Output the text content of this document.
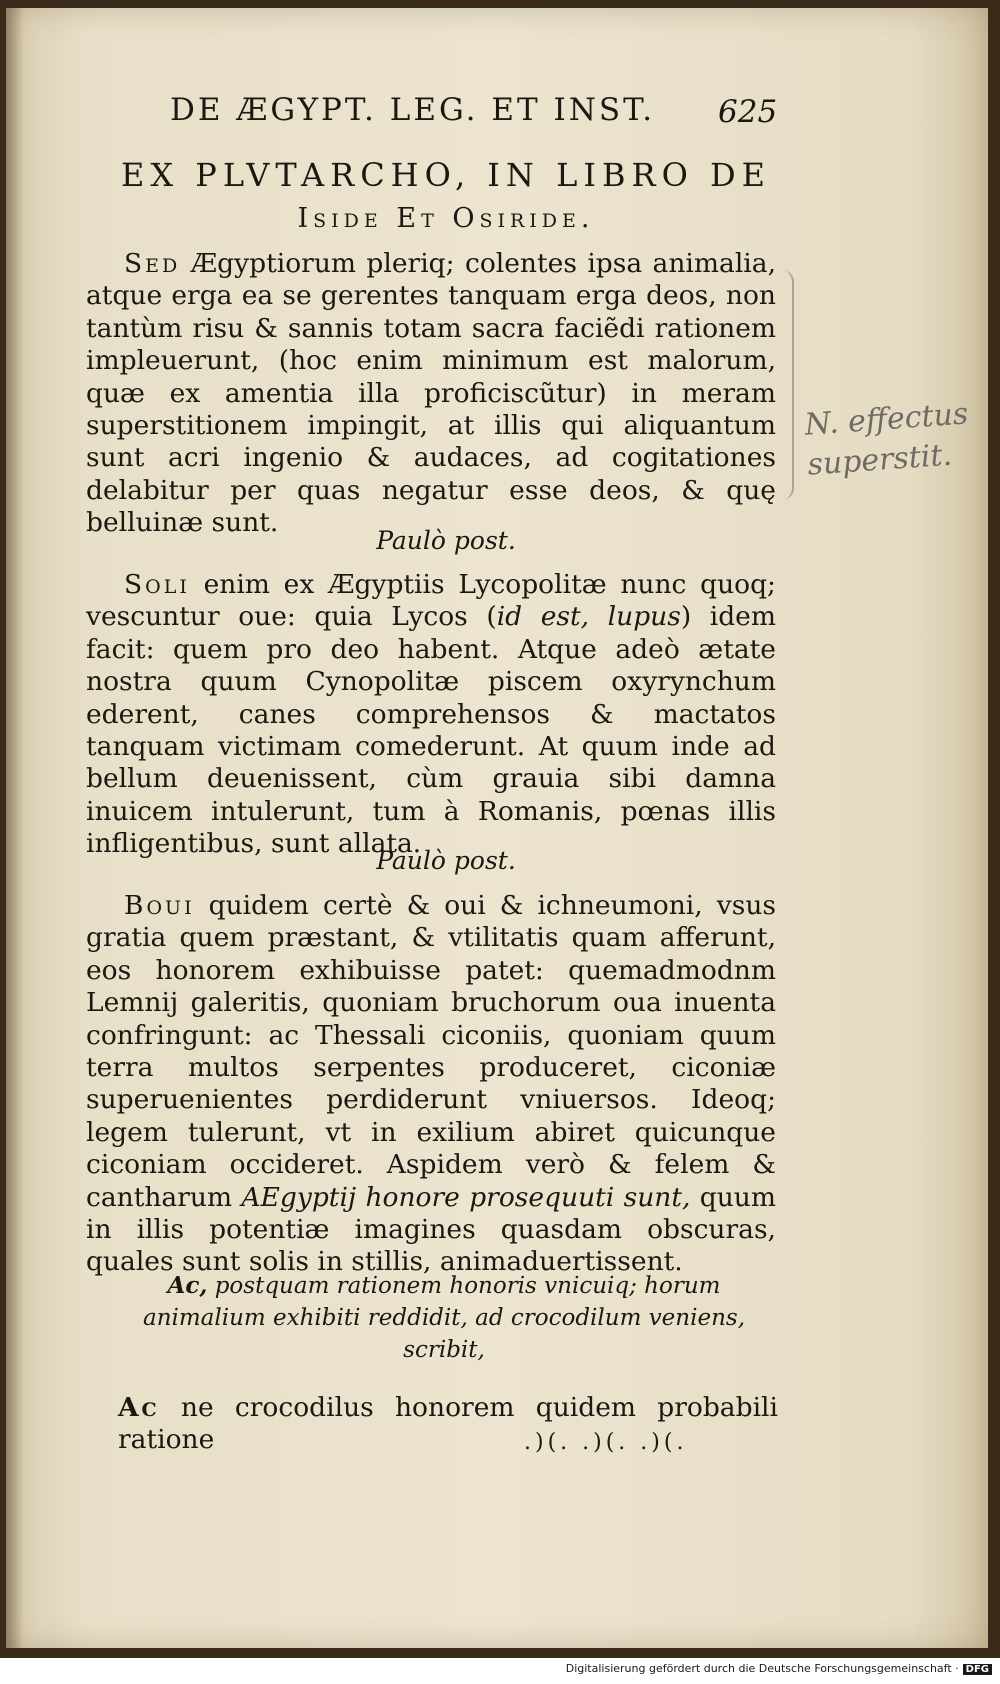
DE ÆGYPT. LEG. ET INST. 625
EX PLVTARCHO, IN LIBRO DE
Iside Et Osiride.
Sed Ægyptiorum pleriq; colentes ipsa animalia, atque erga ea se gerentes tanquam erga deos, non tantùm risu & sannis totam sacra faciẽdi rationem impleuerunt, (hoc enim minimum est malorum, quæ ex amentia illa proficiscũtur) in meram superstitionem impingit, at illis qui aliquantum sunt acri ingenio & audaces, ad cogitationes delabitur per quas negatur esse deos, & quę belluinæ sunt.
N. effectus
superstit.
Paulò post.
Soli enim ex Ægyptiis Lycopolitæ nunc quoq; vescuntur oue: quia Lycos (id est, lupus) idem facit: quem pro deo habent. Atque adeò ætate nostra quum Cynopolitæ piscem oxyrynchum ederent, canes comprehensos & mactatos tanquam victimam comederunt. At quum inde ad bellum deuenissent, cùm grauia sibi damna inuicem intulerunt, tum à Romanis, pœnas illis infligentibus, sunt allata.
Paulò post.
Boui quidem certè & oui & ichneumoni, vsus gratia quem præstant, & vtilitatis quam afferunt, eos honorem exhibuisse patet: quemadmodnm Lemnij galeritis, quoniam bruchorum oua inuenta confringunt: ac Thessali ciconiis, quoniam quum terra multos serpentes produceret, ciconiæ superuenientes perdiderunt vniuersos. Ideoq; legem tulerunt, vt in exilium abiret quicunque ciconiam occideret. Aspidem verò & felem & cantharum AEgyptij honore prosequuti sunt, quum in illis potentiæ imagines quasdam obscuras, quales sunt solis in stillis, animaduertissent.
Ac, postquam rationem honoris vnicuiq; horum animalium exhibiti reddidit, ad crocodilum veniens, scribit,
Ac ne crocodilus honorem quidem probabili ratione	.)(. .)(. .)(.
Digitalisierung gefördert durch die Deutsche Forschungsgemeinschaft · DFG
